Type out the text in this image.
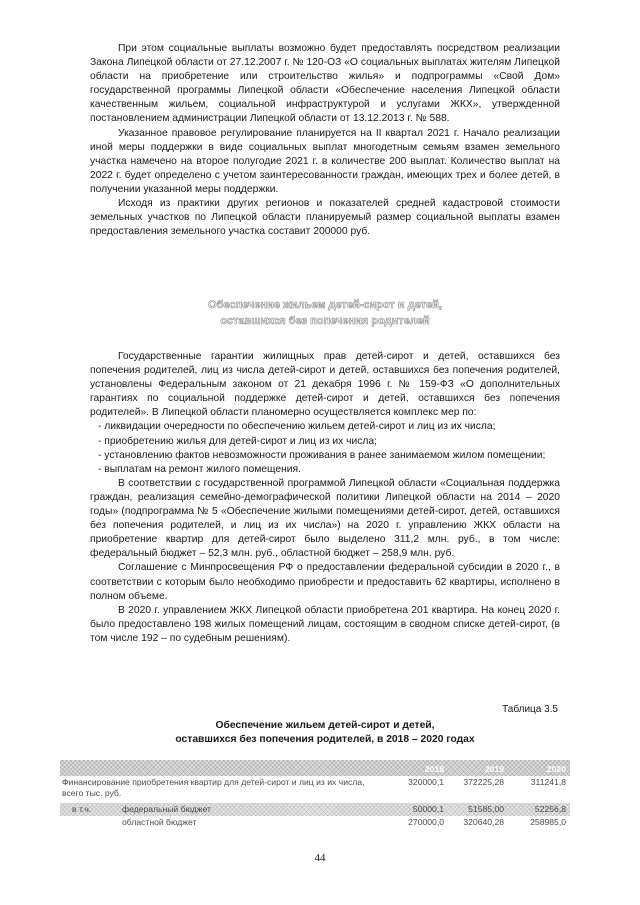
При этом социальные выплаты возможно будет предоставлять посредством реализации Закона Липецкой области от 27.12.2007 г. № 120-ОЗ «О социальных выплатах жителям Липецкой области на приобретение или строительство жилья» и подпрограммы «Свой Дом» государственной программы Липецкой области «Обеспечение населения Липецкой области качественным жильем, социальной инфраструктурой и услугами ЖКХ», утвержденной постановлением администрации Липецкой области от 13.12.2013 г. № 588.

Указанное правовое регулирование планируется на II квартал 2021 г. Начало реализации иной меры поддержки в виде социальных выплат многодетным семьям взамен земельного участка намечено на второе полугодие 2021 г. в количестве 200 выплат. Количество выплат на 2022 г. будет определено с учетом заинтересованности граждан, имеющих трех и более детей, в получении указанной меры поддержки.

Исходя из практики других регионов и показателей средней кадастровой стоимости земельных участков по Липецкой области планируемый размер социальной выплаты взамен предоставления земельного участка составит 200000 руб.

Обеспечение жильем детей-сирот и детей,
оставшихся без попечения родителей

Государственные гарантии жилищных прав детей-сирот и детей, оставшихся без попечения родителей, лиц из числа детей-сирот и детей, оставшихся без попечения родителей, установлены Федеральным законом от 21 декабря 1996 г. № 159-ФЗ «О дополнительных гарантиях по социальной поддержке детей-сирот и детей, оставшихся без попечения родителей». В Липецкой области планомерно осуществляется комплекс мер по:

- ликвидации очередности по обеспечению жильем детей-сирот и лиц из их числа;

- приобретению жилья для детей-сирот и лиц из их числа;

- установлению фактов невозможности проживания в ранее занимаемом жилом помещении;

- выплатам на ремонт жилого помещения.

В соответствии с государственной программой Липецкой области «Социальная поддержка граждан, реализация семейно-демографической политики Липецкой области на 2014 – 2020 годы» (подпрограмма № 5 «Обеспечение жилыми помещениями детей-сирот, детей, оставшихся без попечения родителей, и лиц из их числа») на 2020 г. управлению ЖКХ области на приобретение квартир для детей-сирот было выделено 311,2 млн. руб., в том числе: федеральный бюджет – 52,3 млн. руб., областной бюджет – 258,9 млн. руб.

Соглашение с Минпросвещения РФ о предоставлении федеральной субсидии в 2020 г., в соответствии с которым было необходимо приобрести и предоставить 62 квартиры, исполнено в полном объеме.

В 2020 г. управлением ЖКХ Липецкой области приобретена 201 квартира. На конец 2020 г. было предоставлено 198 жилых помещений лицам, состоящим в сводном списке детей-сирот, (в том числе 192 – по судебным решениям).

Таблица 3.5
Обеспечение жильем детей-сирот и детей,
оставшихся без попечения родителей, в 2018 – 2020 годах
2018	2019	2020
Финансирование приобретения квартир для детей-сирот и лиц из их числа, всего тыс. руб.
320000,1	372225,28	311241,8
в т.ч.	федеральный бюджет	50000,1	51585,00	52256,8
областной бюджет	270000,0	320640,28	258985,0
44
